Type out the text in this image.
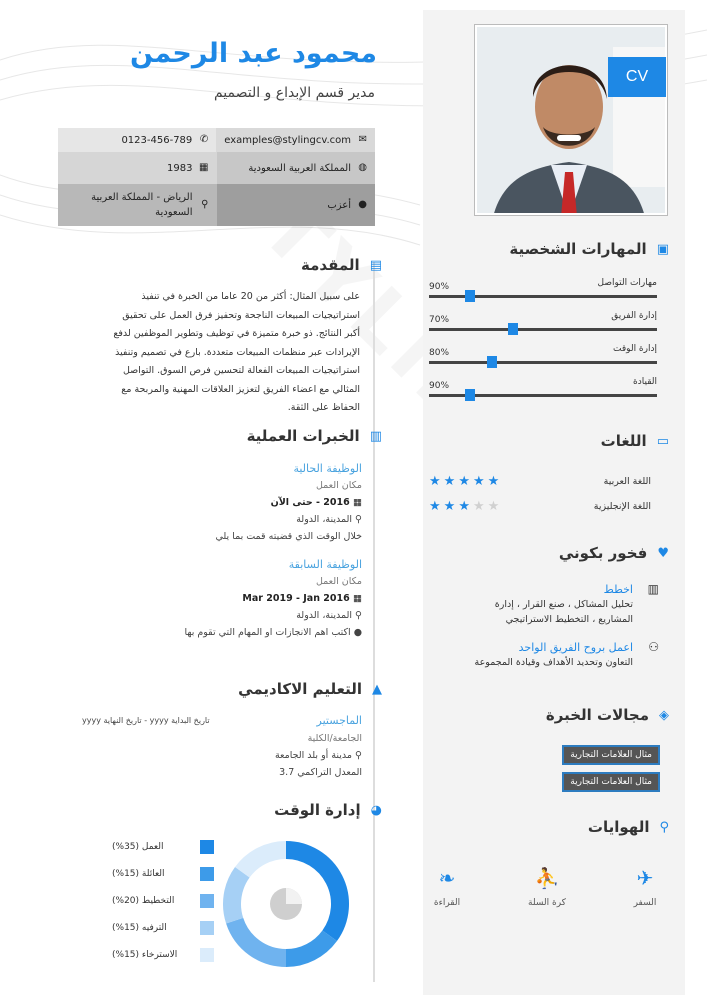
CV
محمود عبد الرحمن
مدير قسم الإبداع و التصميم
✉
examples@stylingcv.com
✆
0123-456-789
◍
المملكة العربية السعودية
▦
1983
●
أعزب
⚲
الرياض - المملكة العربية السعودية
▤
المقدمة
على سبيل المثال: أكثر من 20 عاما من الخبرة في تنفيذ استراتيجيات المبيعات الناجحة وتحفيز فرق العمل على تحقيق أكبر النتائج. ذو خبرة متميزة في توظيف وتطوير الموظفين لدفع الإيرادات عبر منظمات المبيعات متعددة. بارع في تصميم وتنفيذ استراتيجيات المبيعات الفعالة لتحسين فرص السوق. التواصل المثالي مع اعضاء الفريق لتعزيز العلاقات المهنية والمربحة مع الحفاظ على الثقة.
▥
الخبرات العملية
الوظيفة الحالية
مكان العمل
▦ 2016 - حتى الآن
⚲ المدينة، الدولة
خلال الوقت الذي قضيته قمت بما يلي
الوظيفة السابقة
مكان العمل
▦ Mar 2019 - Jan 2016
⚲ المدينة، الدولة
● اكتب اهم الانجازات او المهام التي تقوم بها
▲
التعليم الاكاديمي
الماجستير
تاريخ البداية yyyy - تاريخ النهاية yyyy
الجامعة/الكلية
⚲ مدينة أو بلد الجامعة
المعدل التراكمي 3.7
◕
إدارة الوقت
العمل (35%)
العائلة (15%)
التخطيط (20%)
الترفيه (15%)
الاسترخاء (15%)
▣
المهارات الشخصية
مهارات التواصل
90%
إدارة الفريق
70%
إدارة الوقت
80%
القيادة
90%
▭
اللغات
اللغة العربية
★★★★★
اللغة الإنجليزية
★★★★★
♥
فخور بكوني
▥
اخطط
تحليل المشاكل ، صنع القرار ، إدارة المشاريع ، التخطيط الاستراتيجي
⚇
اعمل بروح الفريق الواحد
التعاون وتحديد الأهداف وقيادة المجموعة
◈
مجالات الخبرة
مثال العلامات التجارية
مثال العلامات التجارية
⚲
الهوايات
✈
السفر
⛹
كرة السلة
❧
القراءة
